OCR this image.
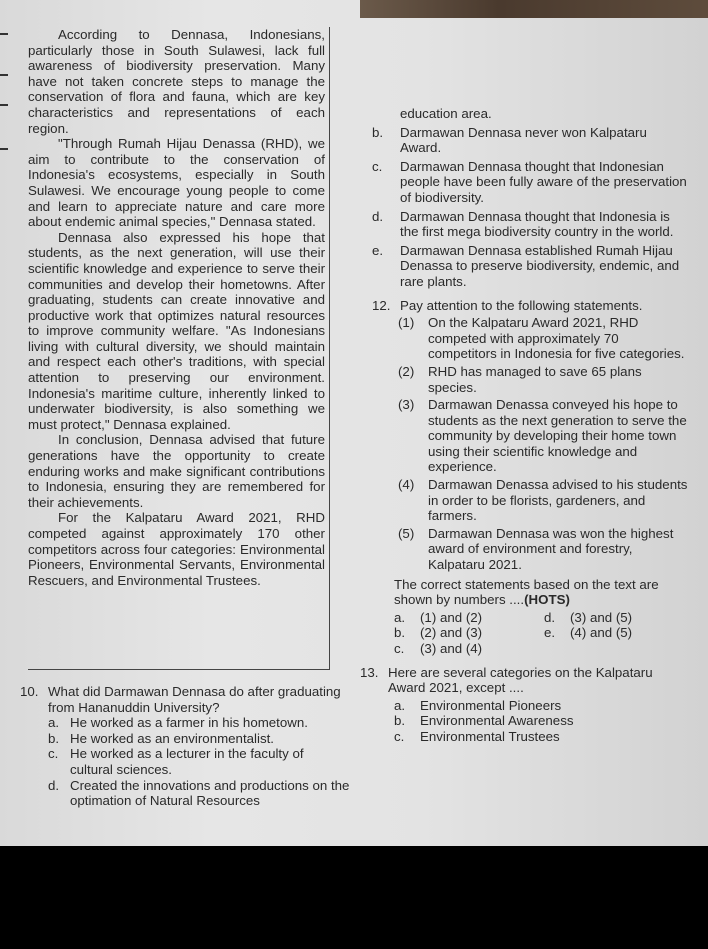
According to Dennasa, Indonesians, particularly those in South Sulawesi, lack full awareness of biodiversity preservation. Many have not taken concrete steps to manage the conservation of flora and fauna, which are key characteristics and representations of each region.

"Through Rumah Hijau Denassa (RHD), we aim to contribute to the conservation of Indonesia's ecosystems, especially in South Sulawesi. We encourage young people to come and learn to appreciate nature and care more about endemic animal species," Dennasa stated.

Dennasa also expressed his hope that students, as the next generation, will use their scientific knowledge and experience to serve their communities and develop their hometowns. After graduating, students can create innovative and productive work that optimizes natural resources to improve community welfare. "As Indonesians living with cultural diversity, we should maintain and respect each other's traditions, with special attention to preserving our environment. Indonesia's maritime culture, inherently linked to underwater biodiversity, is also something we must protect," Dennasa explained.

In conclusion, Dennasa advised that future generations have the opportunity to create enduring works and make significant contributions to Indonesia, ensuring they are remembered for their achievements.

For the Kalpataru Award 2021, RHD competed against approximately 170 other competitors across four categories: Environmental Pioneers, Environmental Servants, Environmental Rescuers, and Environmental Trustees.

10. What did Darmawan Dennasa do after graduating from Hananuddin University?
a. He worked as a farmer in his hometown.
b. He worked as an environmentalist.
c. He worked as a lecturer in the faculty of cultural sciences.
d. Created the innovations and productions on the optimation of Natural Resources
education area.
b.	Darmawan Dennasa never won Kalpataru Award.
c.	Darmawan Dennasa thought that Indonesian people have been fully aware of the preservation of biodiversity.
d.	Darmawan Dennasa thought that Indonesia is the first mega biodiversity country in the world.
e.	Darmawan Dennasa established Rumah Hijau Denassa to preserve biodiversity, endemic, and rare plants.
12. Pay attention to the following statements.
(1)	On the Kalpataru Award 2021, RHD competed with approximately 70 competitors in Indonesia for five categories.
(2)	RHD has managed to save 65 plans species.
(3)	Darmawan Denassa conveyed his hope to students as the next generation to serve the community by developing their home town using their scientific knowledge and experience.
(4)	Darmawan Denassa advised to his students in order to be florists, gardeners, and farmers.
(5)	Darmawan Dennasa was won the highest award of environment and forestry, Kalpataru 2021.
The correct statements based on the text are shown by numbers ....(HOTS)
a.	(1) and (2)	d.	(3) and (5)
b.	(2) and (3)	e.	(4) and (5)
c.	(3) and (4)
13. Here are several categories on the Kalpataru Award 2021, except ....
a.	Environmental Pioneers
b.	Environmental Awareness
c.	Environmental Trustees
